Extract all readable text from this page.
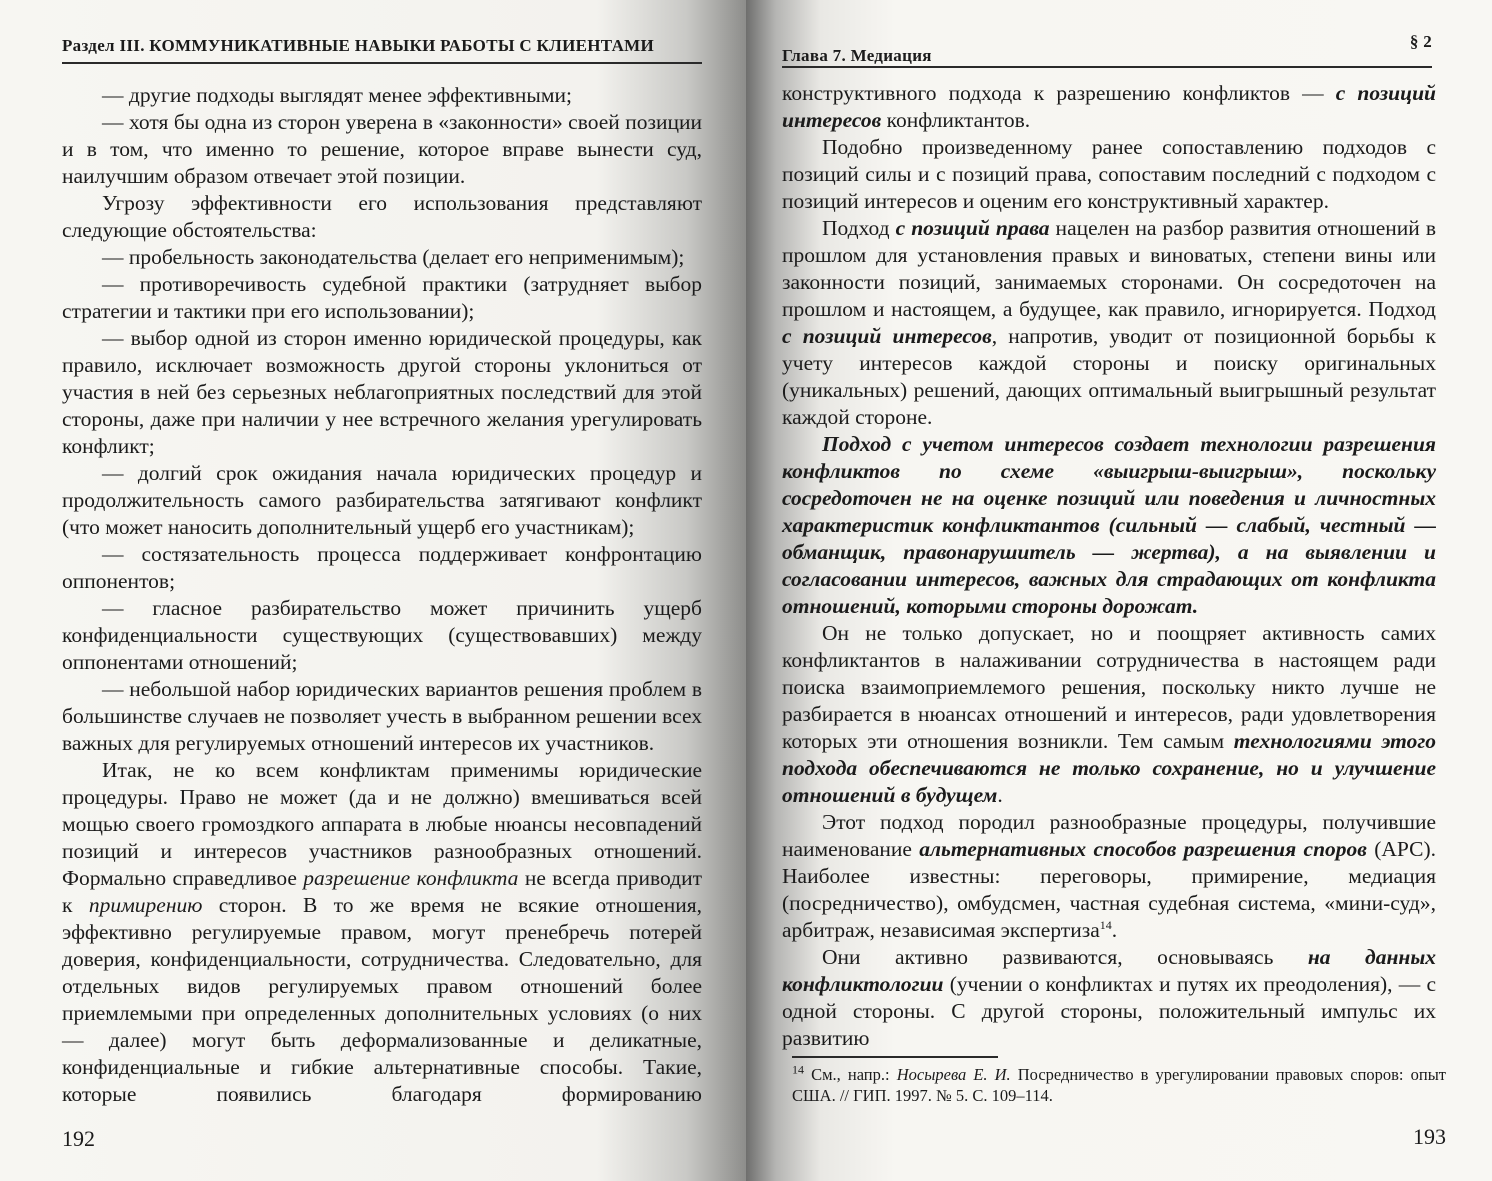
Раздел III. КОММУНИКАТИВНЫЕ НАВЫКИ РАБОТЫ С КЛИЕНТАМИ

— другие подходы выглядят менее эффективными;

— хотя бы одна из сторон уверена в «законности» своей позиции и в том, что именно то решение, которое вправе вынести суд, наилучшим образом отвечает этой позиции.

Угрозу эффективности его использования представляют следующие обстоятельства:

— пробельность законодательства (делает его неприменимым);

— противоречивость судебной практики (затрудняет выбор стратегии и тактики при его использовании);

— выбор одной из сторон именно юридической процедуры, как правило, исключает возможность другой стороны уклониться от участия в ней без серьезных неблагоприятных последствий для этой стороны, даже при наличии у нее встречного желания урегулировать конфликт;

— долгий срок ожидания начала юридических процедур и продолжительность самого разбирательства затягивают конфликт (что может наносить дополнительный ущерб его участникам);

— состязательность процесса поддерживает конфронтацию оппонентов;

— гласное разбирательство может причинить ущерб конфиденциальности существующих (существовавших) между оппонентами отношений;

— небольшой набор юридических вариантов решения проблем в большинстве случаев не позволяет учесть в выбранном решении всех важных для регулируемых отношений интересов их участников.

Итак, не ко всем конфликтам применимы юридические процедуры. Право не может (да и не должно) вмешиваться всей мощью своего громоздкого аппарата в любые нюансы несовпадений позиций и интересов участников разнообразных отношений. Формально справедливое разрешение конфликта не всегда приводит к примирению сторон. В то же время не всякие отношения, эффективно регулируемые правом, могут пренебречь потерей доверия, конфиденциальности, сотрудничества. Следовательно, для отдельных видов регулируемых правом отношений более приемлемыми при определенных дополнительных условиях (о них — далее) могут быть деформализованные и деликатные, конфиденциальные и гибкие альтернативные способы. Такие, которые появились благодаря формированию

192
Глава 7. Медиация
§ 2

конструктивного подхода к разрешению конфликтов — с позиций интересов конфликтантов.

Подобно произведенному ранее сопоставлению подходов с позиций силы и с позиций права, сопоставим последний с подходом с позиций интересов и оценим его конструктивный характер.

Подход с позиций права нацелен на разбор развития отношений в прошлом для установления правых и виноватых, степени вины или законности позиций, занимаемых сторонами. Он сосредоточен на прошлом и настоящем, а будущее, как правило, игнорируется. Подход с позиций интересов, напротив, уводит от позиционной борьбы к учету интересов каждой стороны и поиску оригинальных (уникальных) решений, дающих оптимальный выигрышный результат каждой стороне.

Подход с учетом интересов создает технологии разрешения конфликтов по схеме «выигрыш-выигрыш», поскольку сосредоточен не на оценке позиций или поведения и личностных характеристик конфликтантов (сильный — слабый, честный — обманщик, правонарушитель — жертва), а на выявлении и согласовании интересов, важных для страдающих от конфликта отношений, которыми стороны дорожат.

Он не только допускает, но и поощряет активность самих конфликтантов в налаживании сотрудничества в настоящем ради поиска взаимоприемлемого решения, поскольку никто лучше не разбирается в нюансах отношений и интересов, ради удовлетворения которых эти отношения возникли. Тем самым технологиями этого подхода обеспечиваются не только сохранение, но и улучшение отношений в будущем.

Этот подход породил разнообразные процедуры, получившие наименование альтернативных способов разрешения споров (АРС). Наиболее известны: переговоры, примирение, медиация (посредничество), омбудсмен, частная судебная система, «мини-суд», арбитраж, независимая экспертиза$^{14}$.

Они активно развиваются, основываясь на данных конфликтологии (учении о конфликтах и путях их преодоления), — с одной стороны. С другой стороны, положительный импульс их развитию

$^{14}$ См., напр.: Носырева Е. И. Посредничество в урегулировании правовых споров: опыт США. // ГИП. 1997. № 5. С. 109–114.
193
